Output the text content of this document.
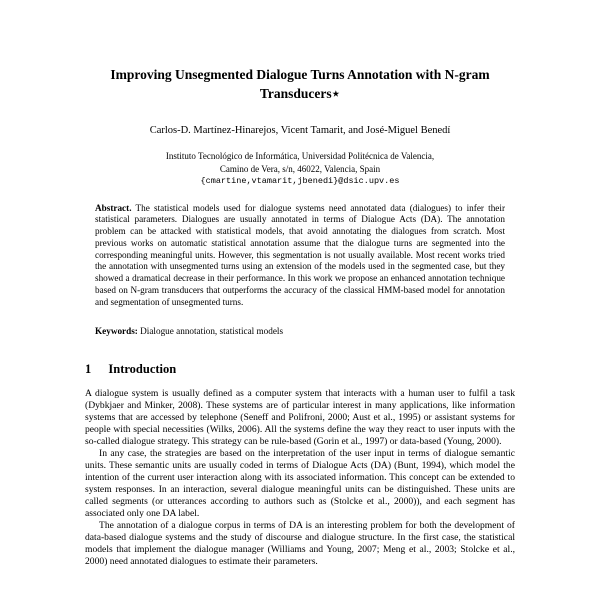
Improving Unsegmented Dialogue Turns Annotation with N-gram Transducers⋆
Carlos-D. Martínez-Hinarejos, Vicent Tamarit, and José-Miguel Benedí
Instituto Tecnológico de Informática, Universidad Politécnica de Valencia,
Camino de Vera, s/n, 46022, Valencia, Spain
{cmartine,vtamarit,jbenedi}@dsic.upv.es

Abstract. The statistical models used for dialogue systems need annotated data (dialogues) to infer their statistical parameters. Dialogues are usually annotated in terms of Dialogue Acts (DA). The annotation problem can be attacked with statistical models, that avoid annotating the dialogues from scratch. Most previous works on automatic statistical annotation assume that the dialogue turns are segmented into the corresponding meaningful units. However, this segmentation is not usually available. Most recent works tried the annotation with unsegmented turns using an extension of the models used in the segmented case, but they showed a dramatical decrease in their performance. In this work we propose an enhanced annotation technique based on N-gram transducers that outperforms the accuracy of the classical HMM-based model for annotation and segmentation of unsegmented turns.

Keywords: Dialogue annotation, statistical models

1 Introduction

A dialogue system is usually defined as a computer system that interacts with a human user to fulfil a task (Dybkjaer and Minker, 2008). These systems are of particular interest in many applications, like information systems that are accessed by telephone (Seneff and Polifroni, 2000; Aust et al., 1995) or assistant systems for people with special necessities (Wilks, 2006). All the systems define the way they react to user inputs with the so-called dialogue strategy. This strategy can be rule-based (Gorin et al., 1997) or data-based (Young, 2000).

In any case, the strategies are based on the interpretation of the user input in terms of dialogue semantic units. These semantic units are usually coded in terms of Dialogue Acts (DA) (Bunt, 1994), which model the intention of the current user interaction along with its associated information. This concept can be extended to system responses. In an interaction, several dialogue meaningful units can be distinguished. These units are called segments (or utterances according to authors such as (Stolcke et al., 2000)), and each segment has associated only one DA label.

The annotation of a dialogue corpus in terms of DA is an interesting problem for both the development of data-based dialogue systems and the study of discourse and dialogue structure. In the first case, the statistical models that implement the dialogue manager (Williams and Young, 2007; Meng et al., 2003; Stolcke et al., 2000) need annotated dialogues to estimate their parameters.
